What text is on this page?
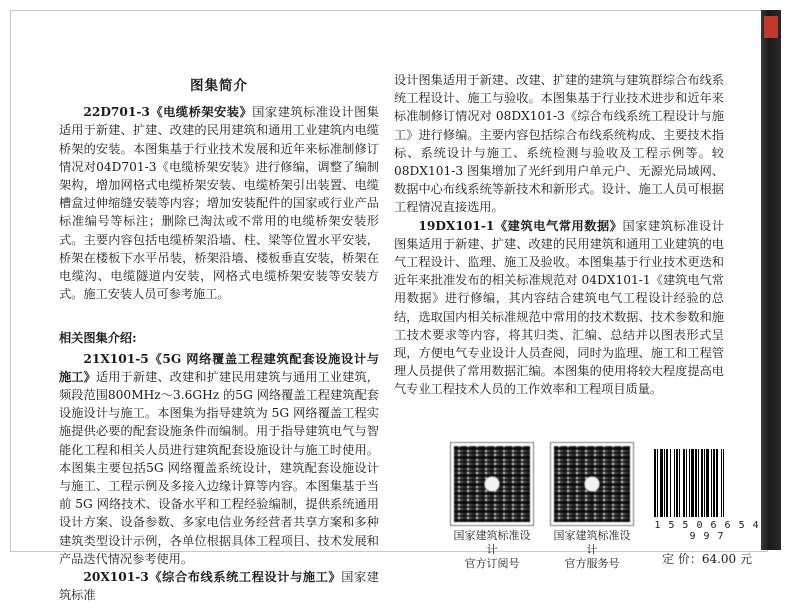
图集简介

22D701-3《电缆桥架安装》国家建筑标准设计图集适用于新建、扩建、改建的民用建筑和通用工业建筑内电缆桥架的安装。本图集基于行业技术发展和近年来标准制修订情况对04D701-3《电缆桥架安装》进行修编，调整了编制架构，增加网格式电缆桥架安装、电缆桥架引出装置、电缆槽盒过伸缩缝安装等内容；增加安装配件的国家或行业产品标准编号等标注；删除已淘汰或不常用的电缆桥架安装形式。主要内容包括电缆桥架沿墙、柱、梁等位置水平安装，桥架在楼板下水平吊装，桥架沿墙、楼板垂直安装，桥架在电缆沟、电缆隧道内安装，网格式电缆桥架安装等安装方式。施工安装人员可参考施工。

相关图集介绍:

21X101-5《5G 网络覆盖工程建筑配套设施设计与施工》适用于新建、改建和扩建民用建筑与通用工业建筑，频段范围800MHz～3.6GHz 的5G 网络覆盖工程建筑配套设施设计与施工。本图集为指导建筑为 5G 网络覆盖工程实施提供必要的配套设施条件而编制。用于指导建筑电气与智能化工程和相关人员进行建筑配套设施设计与施工时使用。本图集主要包括5G 网络覆盖系统设计，建筑配套设施设计与施工、工程示例及多接入边缘计算等内容。本图集基于当前 5G 网络技术、设备水平和工程经验编制，提供系统通用设计方案、设备参数、多家电信业务经营者共享方案和多种建筑类型设计示例，各单位根据具体工程项目、技术发展和产品迭代情况参考使用。

20X101-3《综合布线系统工程设计与施工》国家建筑标准

设计图集适用于新建、改建、扩建的建筑与建筑群综合布线系统工程设计、施工与验收。本图集基于行业技术进步和近年来标准制修订情况对 08DX101-3《综合布线系统工程设计与施工》进行修编。主要内容包括综合布线系统构成、主要技术指标、系统设计与施工、系统检测与验收及工程示例等。较08DX101-3 图集增加了光纤到用户单元户、无源光局域网、数据中心布线系统等新技术和新形式。设计、施工人员可根据工程情况直接选用。

19DX101-1《建筑电气常用数据》国家建筑标准设计图集适用于新建、扩建、改建的民用建筑和通用工业建筑的电气工程设计、监理、施工及验收。本图集基于行业技术更迭和近年来批准发布的相关标准规范对 04DX101-1《建筑电气常用数据》进行修编，其内容结合建筑电气工程设计经验的总结，选取国内相关标准规范中常用的技术数据、技术参数和施工技术要求等内容，将其归类、汇编、总结并以图表形式呈现，方便电气专业设计人员查阅，同时为监理、施工和工程管理人员提供了常用数据汇编。本图集的使用将较大程度提高电气专业工程技术人员的工作效率和工程项目质量。

国家建筑标准设计
官方订阅号
国家建筑标准设计
官方服务号
1 5 5 0 6 6 5 4 9 9 7
定 价：64.00 元
